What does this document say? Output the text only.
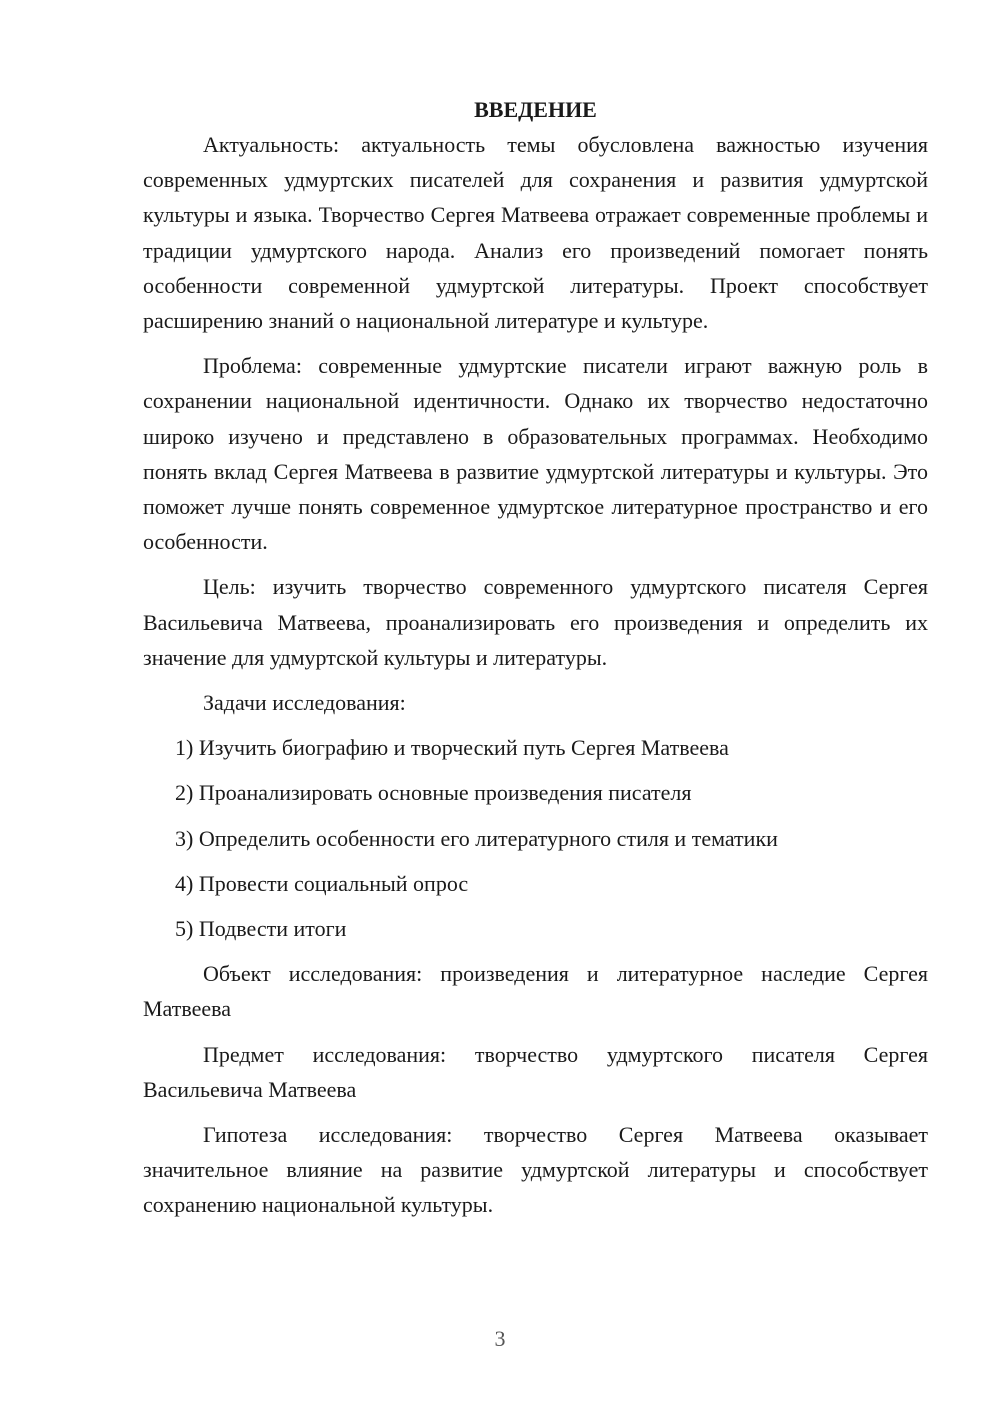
ВВЕДЕНИЕ

Актуальность: актуальность темы обусловлена важностью изучения современных удмуртских писателей для сохранения и развития удмуртской культуры и языка. Творчество Сергея Матвеева отражает современные проблемы и традиции удмуртского народа. Анализ его произведений помогает понять особенности современной удмуртской литературы. Проект способствует расширению знаний о национальной литературе и культуре.

Проблема: современные удмуртские писатели играют важную роль в сохранении национальной идентичности. Однако их творчество недостаточно широко изучено и представлено в образовательных программах. Необходимо понять вклад Сергея Матвеева в развитие удмуртской литературы и культуры. Это поможет лучше понять современное удмуртское литературное пространство и его особенности.

Цель: изучить творчество современного удмуртского писателя Сергея Васильевича Матвеева, проанализировать его произведения и определить их значение для удмуртской культуры и литературы.

Задачи исследования:

1) Изучить биографию и творческий путь Сергея Матвеева

2) Проанализировать основные произведения писателя

3) Определить особенности его литературного стиля и тематики

4) Провести социальный опрос

5) Подвести итоги

Объект исследования: произведения и литературное наследие Сергея Матвеева

Предмет исследования: творчество удмуртского писателя Сергея Васильевича Матвеева

Гипотеза исследования: творчество Сергея Матвеева оказывает значительное влияние на развитие удмуртской литературы и способствует сохранению национальной культуры.

3
